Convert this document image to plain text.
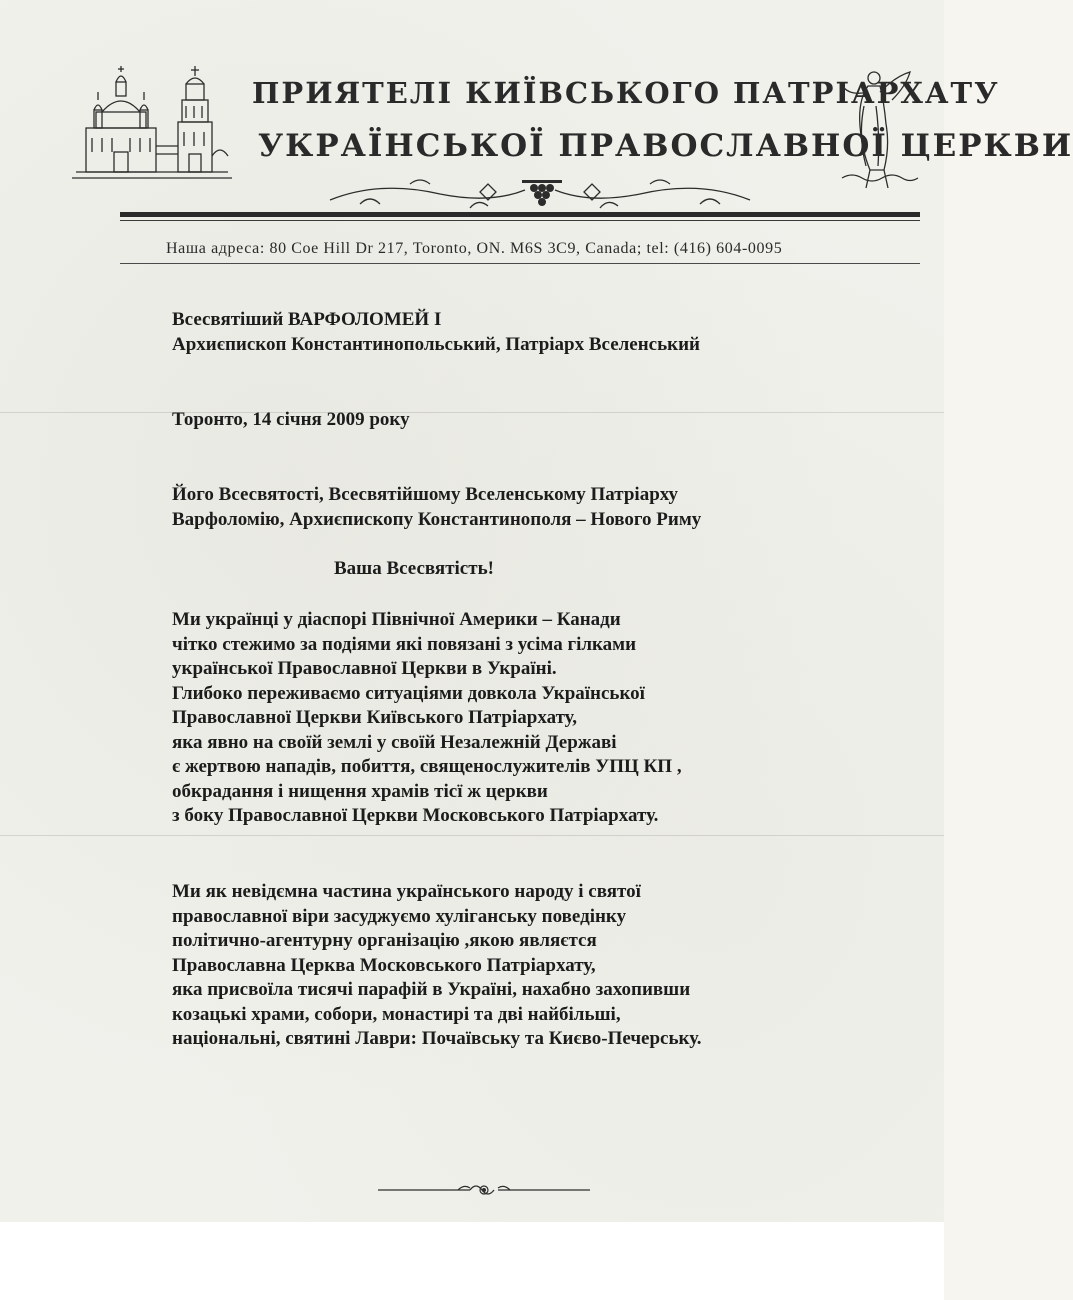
ПРИЯТЕЛІ КИЇВСЬКОГО ПАТРІАРХАТУ
УКРАЇНСЬКОЇ ПРАВОСЛАВНОЇ ЦЕРКВИ
Наша адреса: 80 Coe Hill Dr 217, Toronto, ON. M6S 3C9, Canada; tel: (416) 604-0095
Всесвятіший ВАРФОЛОМЕЙ І
Архиєпископ Константинопольський, Патріарх Вселенський
Торонто, 14 січня 2009 року
Його Всесвятості, Всесвятійшому Вселенському Патріарху
Варфоломію, Архиєпископу Константинополя – Нового Риму
Ваша Всесвятість!
Ми українці у діаспорі Північної Америки – Канади
чітко стежимо за подіями які повязані з усіма гілками
української Православної Церкви в Україні.
Глибоко переживаємо ситуаціями довкола Української
Православної Церкви Київського Патріархату,
яка явно на своїй землі у своїй Незалежній Державі
є жертвою нападів, побиття, священослужителів УПЦ КП ,
обкрадання і нищення храмів тісї ж церкви
з боку Православної Церкви Московського Патріархату.
Ми як невідємна частина українського народу і святої
православної віри засуджуємо хуліганську поведінку
політично-агентурну організацію ,якою являєтся
Православна Церква Московського Патріархату,
яка присвоїла тисячі парафій в Україні, нахабно захопивши
козацькі храми, собори, монастирі та дві найбільші,
національні, святині Лаври: Почаївську та Києво-Печерську.
